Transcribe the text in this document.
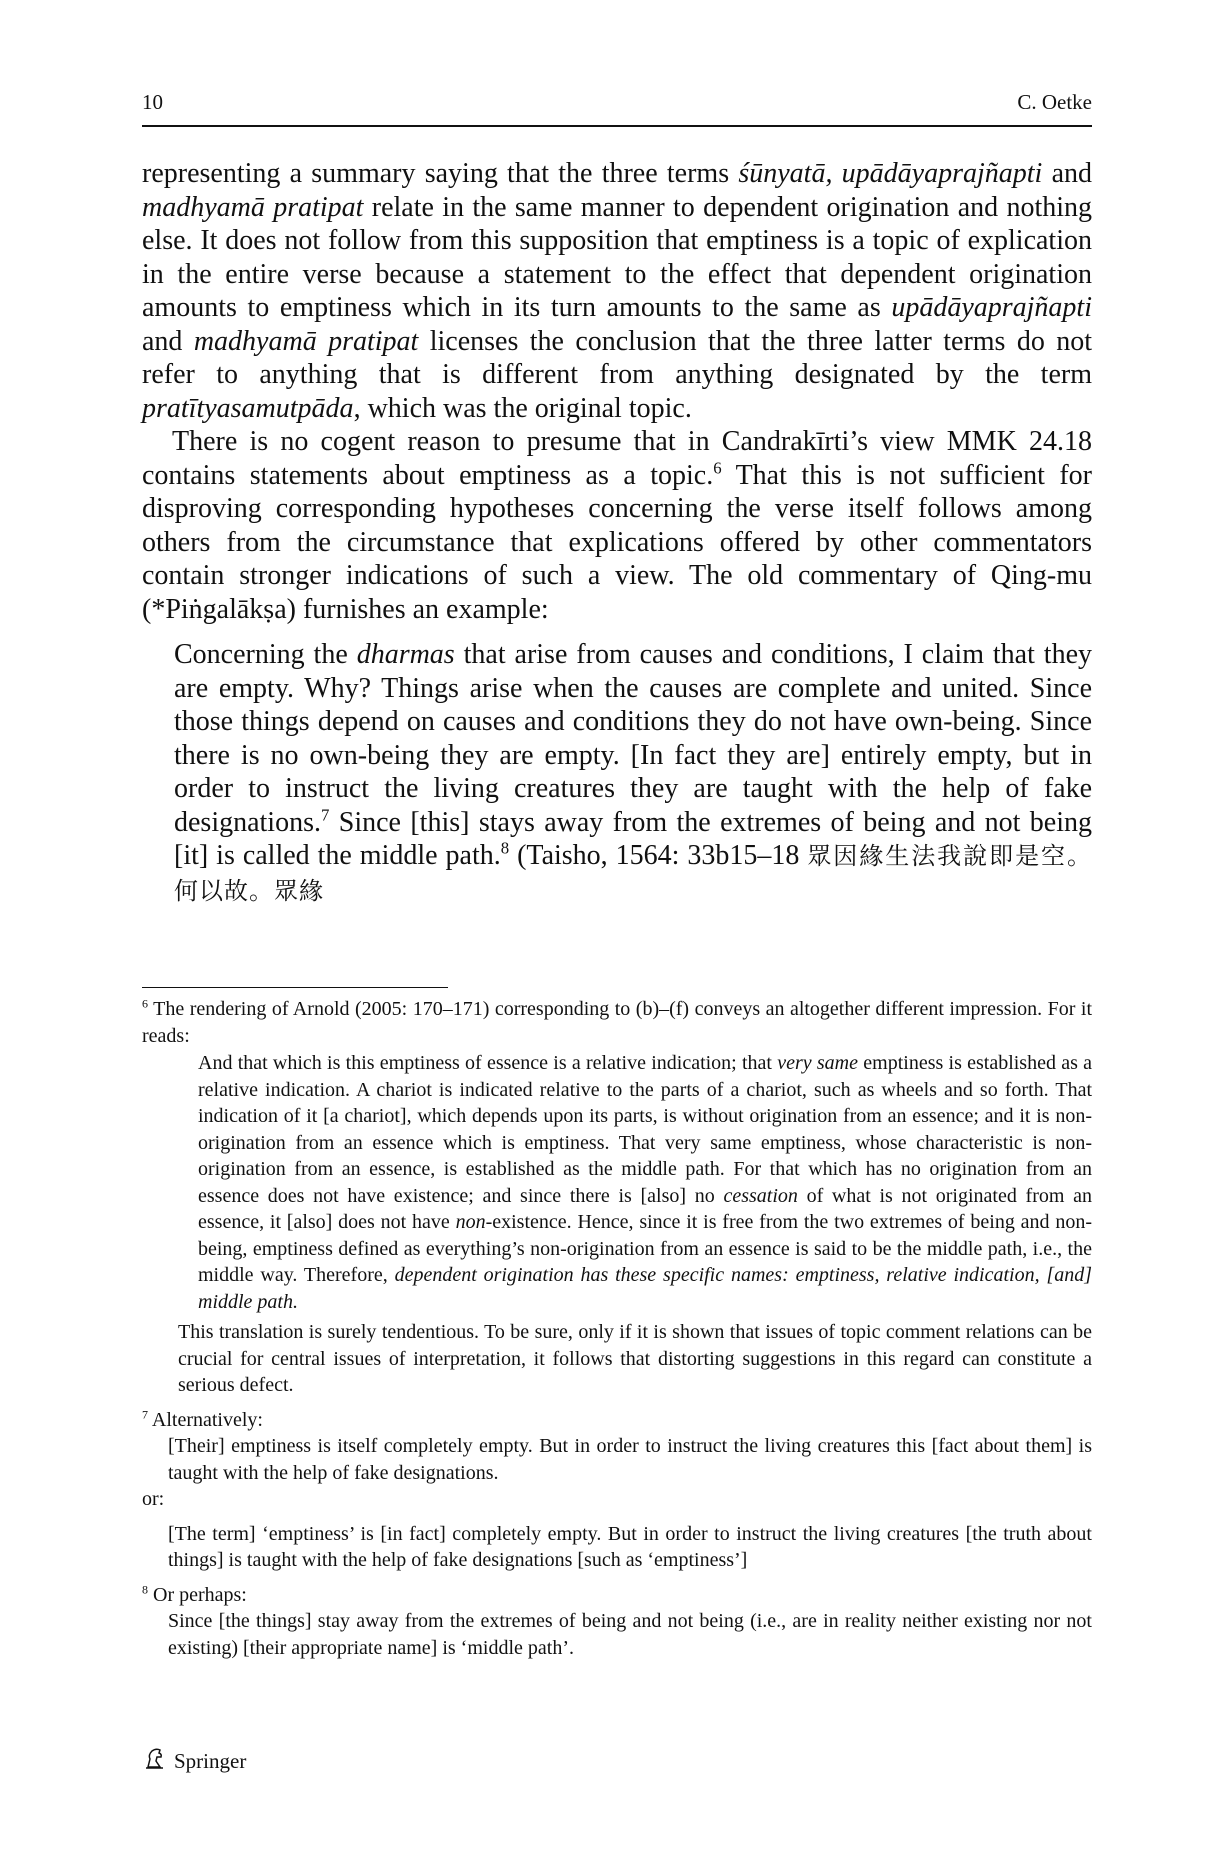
10	C. Oetke

representing a summary saying that the three terms śūnyatā, upādāyaprajñapti and madhyamā pratipat relate in the same manner to dependent origination and nothing else. It does not follow from this supposition that emptiness is a topic of explication in the entire verse because a statement to the effect that dependent origination amounts to emptiness which in its turn amounts to the same as upādāyaprajñapti and madhyamā pratipat licenses the conclusion that the three latter terms do not refer to anything that is different from anything designated by the term pratītyasamutpāda, which was the original topic.

There is no cogent reason to presume that in Candrakīrti’s view MMK 24.18 contains statements about emptiness as a topic.$^6$ That this is not sufficient for disproving corresponding hypotheses concerning the verse itself follows among others from the circumstance that explications offered by other commentators contain stronger indications of such a view. The old commentary of Qing-mu (*Piṅgalākṣa) furnishes an example:

Concerning the dharmas that arise from causes and conditions, I claim that they are empty. Why? Things arise when the causes are complete and united. Since those things depend on causes and conditions they do not have own-being. Since there is no own-being they are empty. [In fact they are] entirely empty, but in order to instruct the living creatures they are taught with the help of fake designations.$^7$ Since [this] stays away from the extremes of being and not being [it] is called the middle path.$^8$ (Taisho, 1564: 33b15–18 眾因緣生法我說即是空。何以故。眾緣

$^6$ The rendering of Arnold (2005: 170–171) corresponding to (b)–(f) conveys an altogether different impression. For it reads:

And that which is this emptiness of essence is a relative indication; that very same emptiness is established as a relative indication. A chariot is indicated relative to the parts of a chariot, such as wheels and so forth. That indication of it [a chariot], which depends upon its parts, is without origination from an essence; and it is non-origination from an essence which is emptiness. That very same emptiness, whose characteristic is non-origination from an essence, is established as the middle path. For that which has no origination from an essence does not have existence; and since there is [also] no cessation of what is not originated from an essence, it [also] does not have non-existence. Hence, since it is free from the two extremes of being and non-being, emptiness defined as everything’s non-origination from an essence is said to be the middle path, i.e., the middle way. Therefore, dependent origination has these specific names: emptiness, relative indication, [and] middle path.

This translation is surely tendentious. To be sure, only if it is shown that issues of topic comment relations can be crucial for central issues of interpretation, it follows that distorting suggestions in this regard can constitute a serious defect.

$^7$ Alternatively:

[Their] emptiness is itself completely empty. But in order to instruct the living creatures this [fact about them] is taught with the help of fake designations.

or:

[The term] ‘emptiness’ is [in fact] completely empty. But in order to instruct the living creatures [the truth about things] is taught with the help of fake designations [such as ‘emptiness’]

$^8$ Or perhaps:

Since [the things] stay away from the extremes of being and not being (i.e., are in reality neither existing nor not existing) [their appropriate name] is ‘middle path’.

Springer
